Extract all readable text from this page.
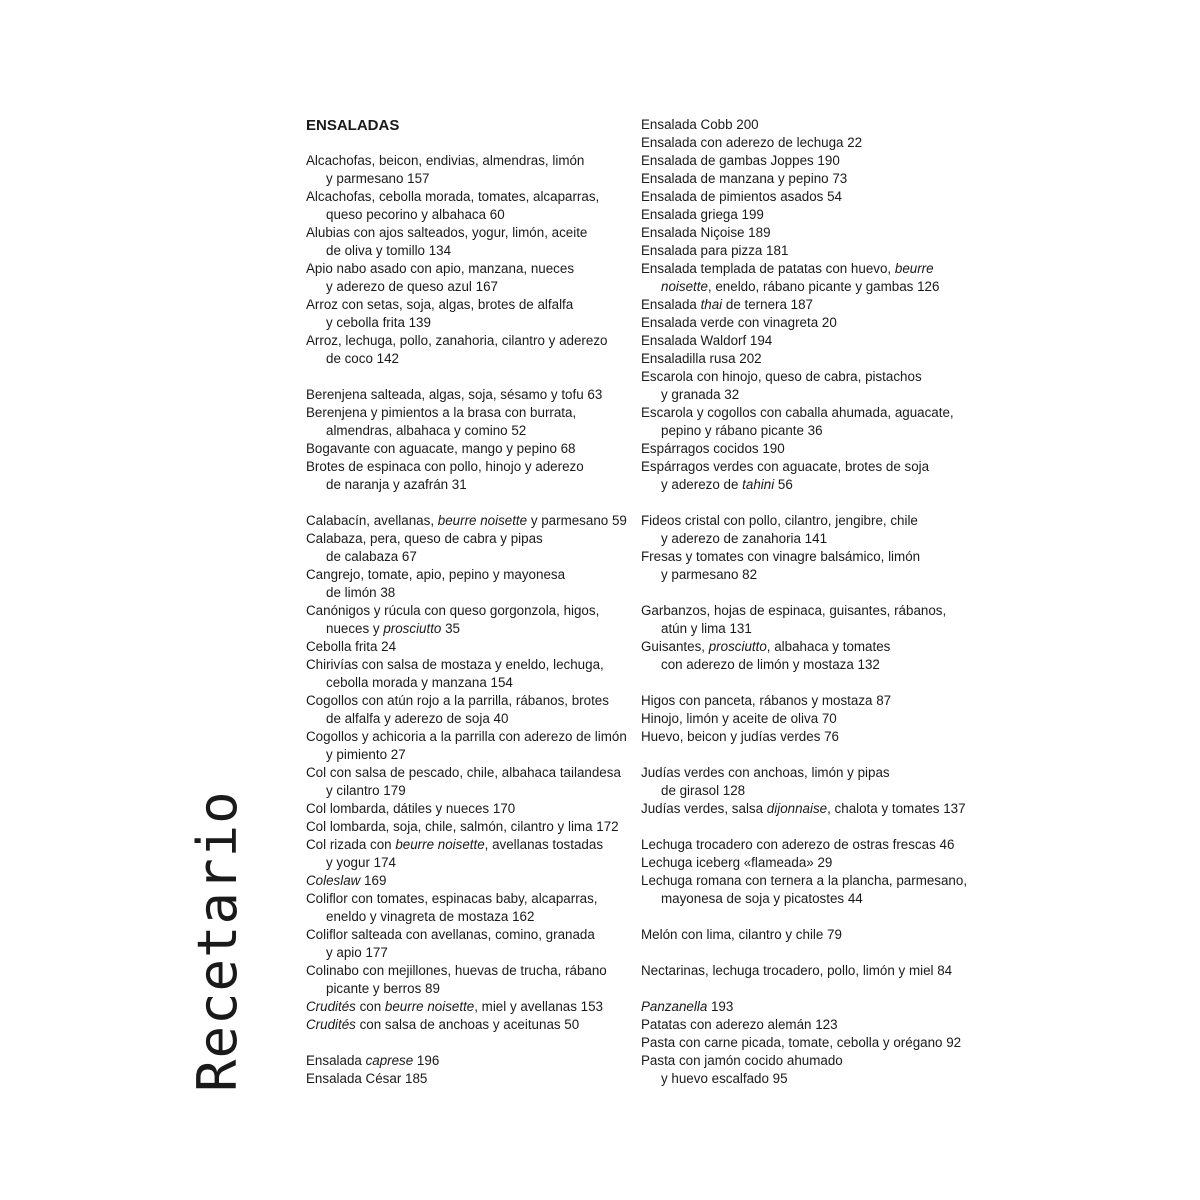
Recetario
ENSALADAS
Alcachofas, beicon, endivias, almendras, limón
y parmesano 157
Alcachofas, cebolla morada, tomates, alcaparras,
queso pecorino y albahaca 60
Alubias con ajos salteados, yogur, limón, aceite
de oliva y tomillo 134
Apio nabo asado con apio, manzana, nueces
y aderezo de queso azul 167
Arroz con setas, soja, algas, brotes de alfalfa
y cebolla frita 139
Arroz, lechuga, pollo, zanahoria, cilantro y aderezo
de coco 142
Berenjena salteada, algas, soja, sésamo y tofu 63
Berenjena y pimientos a la brasa con burrata,
almendras, albahaca y comino 52
Bogavante con aguacate, mango y pepino 68
Brotes de espinaca con pollo, hinojo y aderezo
de naranja y azafrán 31
Calabacín, avellanas, beurre noisette y parmesano 59
Calabaza, pera, queso de cabra y pipas
de calabaza 67
Cangrejo, tomate, apio, pepino y mayonesa
de limón 38
Canónigos y rúcula con queso gorgonzola, higos,
nueces y prosciutto 35
Cebolla frita 24
Chirivías con salsa de mostaza y eneldo, lechuga,
cebolla morada y manzana 154
Cogollos con atún rojo a la parrilla, rábanos, brotes
de alfalfa y aderezo de soja 40
Cogollos y achicoria a la parrilla con aderezo de limón
y pimiento 27
Col con salsa de pescado, chile, albahaca tailandesa
y cilantro 179
Col lombarda, dátiles y nueces 170
Col lombarda, soja, chile, salmón, cilantro y lima 172
Col rizada con beurre noisette, avellanas tostadas
y yogur 174
Coleslaw 169
Coliflor con tomates, espinacas baby, alcaparras,
eneldo y vinagreta de mostaza 162
Coliflor salteada con avellanas, comino, granada
y apio 177
Colinabo con mejillones, huevas de trucha, rábano
picante y berros 89
Crudités con beurre noisette, miel y avellanas 153
Crudités con salsa de anchoas y aceitunas 50
Ensalada caprese 196
Ensalada César 185
Ensalada Cobb 200
Ensalada con aderezo de lechuga 22
Ensalada de gambas Joppes 190
Ensalada de manzana y pepino 73
Ensalada de pimientos asados 54
Ensalada griega 199
Ensalada Niçoise 189
Ensalada para pizza 181
Ensalada templada de patatas con huevo, beurre
noisette, eneldo, rábano picante y gambas 126
Ensalada thai de ternera 187
Ensalada verde con vinagreta 20
Ensalada Waldorf 194
Ensaladilla rusa 202
Escarola con hinojo, queso de cabra, pistachos
y granada 32
Escarola y cogollos con caballa ahumada, aguacate,
pepino y rábano picante 36
Espárragos cocidos 190
Espárragos verdes con aguacate, brotes de soja
y aderezo de tahini 56
Fideos cristal con pollo, cilantro, jengibre, chile
y aderezo de zanahoria 141
Fresas y tomates con vinagre balsámico, limón
y parmesano 82
Garbanzos, hojas de espinaca, guisantes, rábanos,
atún y lima 131
Guisantes, prosciutto, albahaca y tomates
con aderezo de limón y mostaza 132
Higos con panceta, rábanos y mostaza 87
Hinojo, limón y aceite de oliva 70
Huevo, beicon y judías verdes 76
Judías verdes con anchoas, limón y pipas
de girasol 128
Judías verdes, salsa dijonnaise, chalota y tomates 137
Lechuga trocadero con aderezo de ostras frescas 46
Lechuga iceberg «flameada» 29
Lechuga romana con ternera a la plancha, parmesano,
mayonesa de soja y picatostes 44
Melón con lima, cilantro y chile 79
Nectarinas, lechuga trocadero, pollo, limón y miel 84
Panzanella 193
Patatas con aderezo alemán 123
Pasta con carne picada, tomate, cebolla y orégano 92
Pasta con jamón cocido ahumado
y huevo escalfado 95
